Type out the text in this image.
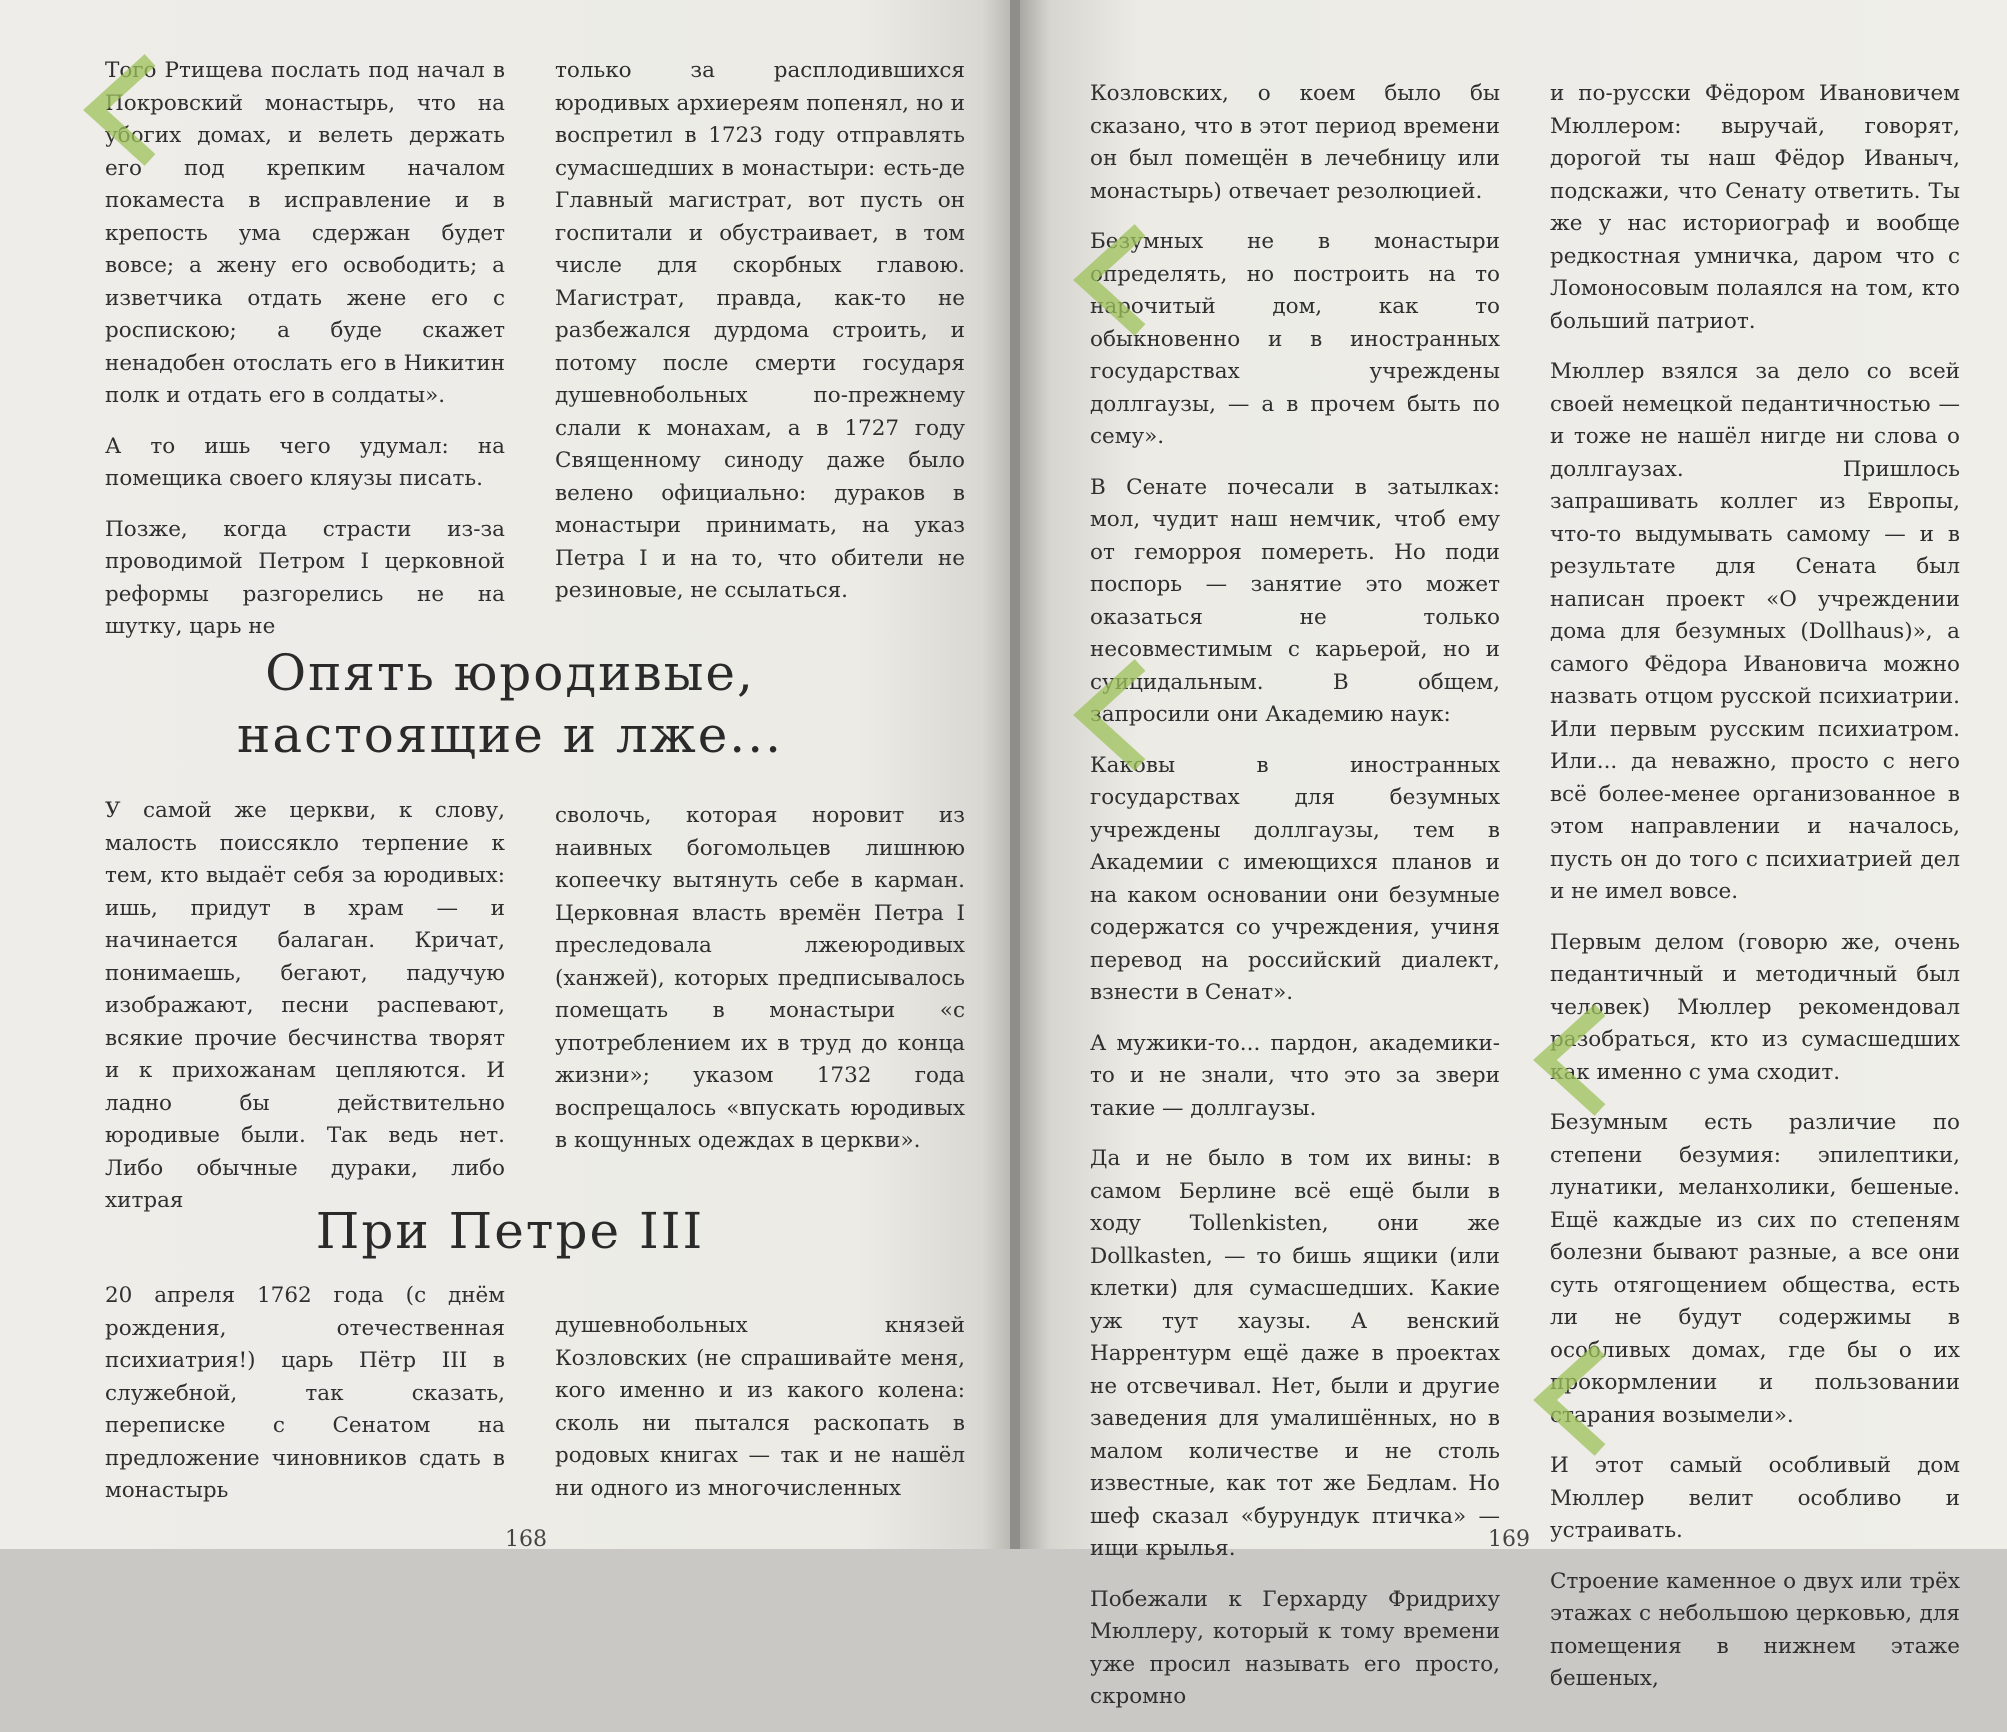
Того Ртищева послать под начал в Покровский монастырь, что на убогих домах, и велеть держать его под крепким началом покаместа в исправление и в крепость ума сдержан будет вовсе; а жену его освободить; а изветчика отдать жене его с роспискою; а буде скажет ненадобен отослать его в Никитин полк и отдать его в солдаты».

А то ишь чего удумал: на помещика своего кляузы писать.

Позже, когда страсти из-за проводимой Петром I церковной реформы разгорелись не на шутку, царь не

только за расплодившихся юродивых архиереям попенял, но и воспретил в 1723 году отправлять сумасшедших в монастыри: есть-де Главный магистрат, вот пусть он госпитали и обустраивает, в том числе для скорбных главою. Магистрат, правда, как-то не разбежался дурдома строить, и потому после смерти государя душевнобольных по-прежнему слали к монахам, а в 1727 году Священному синоду даже было велено официально: дураков в монастыри принимать, на указ Петра I и на то, что обители не резиновые, не ссылаться.

Опять юродивые,
настоящие и лже...

У самой же церкви, к слову, малость поиссякло терпение к тем, кто выдаёт себя за юродивых: ишь, придут в храм — и начинается балаган. Кричат, понимаешь, бегают, падучую изображают, песни распевают, всякие прочие бесчинства творят и к прихожанам цепляются. И ладно бы действительно юродивые были. Так ведь нет. Либо обычные дураки, либо хитрая

сволочь, которая норовит из наивных богомольцев лишнюю копеечку вытянуть себе в карман. Церковная власть времён Петра I преследовала лжеюродивых (ханжей), которых предписывалось помещать в монастыри «с употреблением их в труд до конца жизни»; указом 1732 года воспрещалось «впускать юродивых в кощунных одеждах в церкви».

При Петре III

20 апреля 1762 года (с днём рождения, отечественная психиатрия!) царь Пётр III в служебной, так сказать, переписке с Сенатом на предложение чиновников сдать в монастырь

душевнобольных князей Козловских (не спрашивайте меня, кого именно и из какого колена: сколь ни пытался раскопать в родовых книгах — так и не нашёл ни одного из многочисленных

168

Козловских, о коем было бы сказано, что в этот период времени он был помещён в лечебницу или монастырь) отвечает резолюцией.

Безумных не в монастыри определять, но построить на то нарочитый дом, как то обыкновенно и в иностранных государствах учреждены доллгаузы, — а в прочем быть по сему».

В Сенате почесали в затылках: мол, чудит наш немчик, чтоб ему от геморроя помереть. Но поди поспорь — занятие это может оказаться не только несовместимым с карьерой, но и суицидальным. В общем, запросили они Академию наук:

Каковы в иностранных государствах для безумных учреждены доллгаузы, тем в Академии с имеющихся планов и на каком основании они безумные содержатся со учреждения, учиня перевод на российский диалект, взнести в Сенат».

А мужики-то... пардон, академики-то и не знали, что это за звери такие — доллгаузы.

Да и не было в том их вины: в самом Берлине всё ещё были в ходу Tollenkisten, они же Dollkasten, — то бишь ящики (или клетки) для сумасшедших. Какие уж тут хаузы. А венский Наррентурм ещё даже в проектах не отсвечивал. Нет, были и другие заведения для умалишённых, но в малом количестве и не столь известные, как тот же Бедлам. Но шеф сказал «бурундук птичка» — ищи крылья.

Побежали к Герхарду Фридриху Мюллеру, который к тому времени уже просил называть его просто, скромно

и по-русски Фёдором Ивановичем Мюллером: выручай, говорят, дорогой ты наш Фёдор Иваныч, подскажи, что Сенату ответить. Ты же у нас историограф и вообще редкостная умничка, даром что с Ломоносовым полаялся на том, кто больший патриот.

Мюллер взялся за дело со всей своей немецкой педантичностью — и тоже не нашёл нигде ни слова о доллгаузах. Пришлось запрашивать коллег из Европы, что-то выдумывать самому — и в результате для Сената был написан проект «О учреждении дома для безумных (Dollhaus)», а самого Фёдора Ивановича можно назвать отцом русской психиатрии. Или первым русским психиатром. Или... да неважно, просто с него всё более-менее организованное в этом направлении и началось, пусть он до того с психиатрией дел и не имел вовсе.

Первым делом (говорю же, очень педантичный и методичный был человек) Мюллер рекомендовал разобраться, кто из сумасшедших как именно с ума сходит.

Безумным есть различие по степени безумия: эпилептики, лунатики, меланхолики, бешеные. Ещё каждые из сих по степеням болезни бывают разные, а все они суть отягощением общества, есть ли не будут содержимы в особливых домах, где бы о их прокормлении и пользовании старания возымели».

И этот самый особливый дом Мюллер велит особливо и устраивать.

Строение каменное о двух или трёх этажах с небольшою церковью, для помещения в нижнем этаже бешеных,

169
